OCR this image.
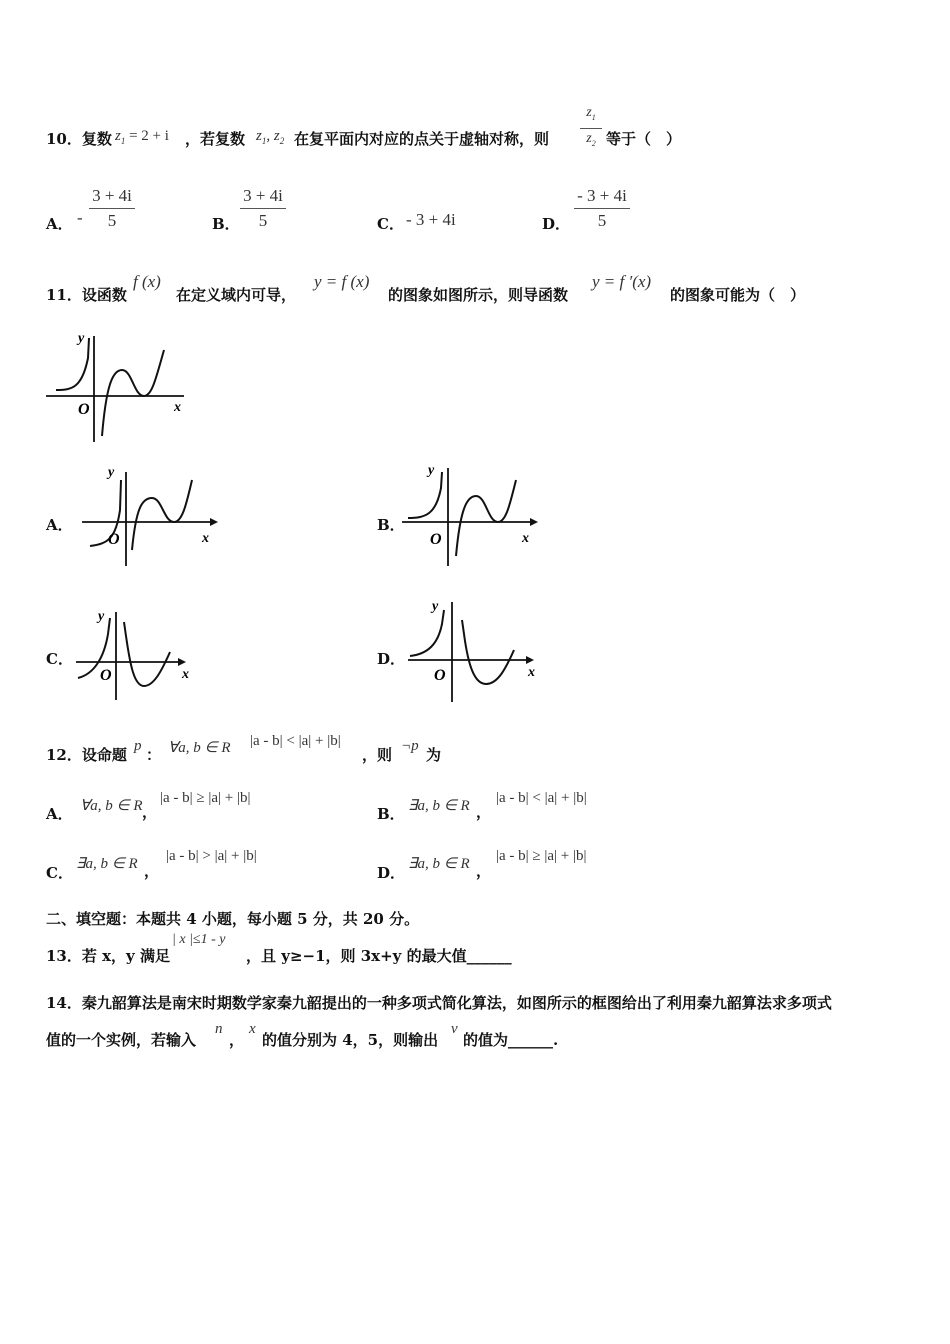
10．复数 $z_1 = 2 + i$ ，若复数 $z_1$, $z_2$ 在复平面内对应的点关于虚轴对称，则
$z_1$
$z_2$ 等于（　）
A． -
3 + 4i
5	B．
3 + 4i
5	C． - 3 + 4i	D．
- 3 + 4i
5
11．设函数
f (x)
在定义域内可导，
y = f (x)
的图象如图所示，则导函数
y = f ′(x)
的图象可能为（　）
y
x
O
A．
y
x
O
B．
y
x
O
C．
y
x
O
D．
y
x
O
12．设命题 p ： ∀a, b ∈ R |a - b| < |a| + |b|
，则 ¬p 为
A． ∀a, b ∈ R ，
|a - b| ≥ |a| + |b|
B． ∃a, b ∈ R ，
|a - b| < |a| + |b|
C． ∃a, b ∈ R ，
|a - b| > |a| + |b|
D． ∃a, b ∈ R ，
|a - b| ≥ |a| + |b|
二、填空题：本题共 4 小题，每小题 5 分，共 20 分。
13．若 x，y 满足
| x |≤1 - y
，且 y≥−1，则 3x+y 的最大值______
14．秦九韶算法是南宋时期数学家秦九韶提出的一种多项式简化算法，如图所示的框图给出了利用秦九韶算法求多项式
值的一个实例，若输入
n
，
x
的值分别为 4，5，则输出
v
的值为______.
